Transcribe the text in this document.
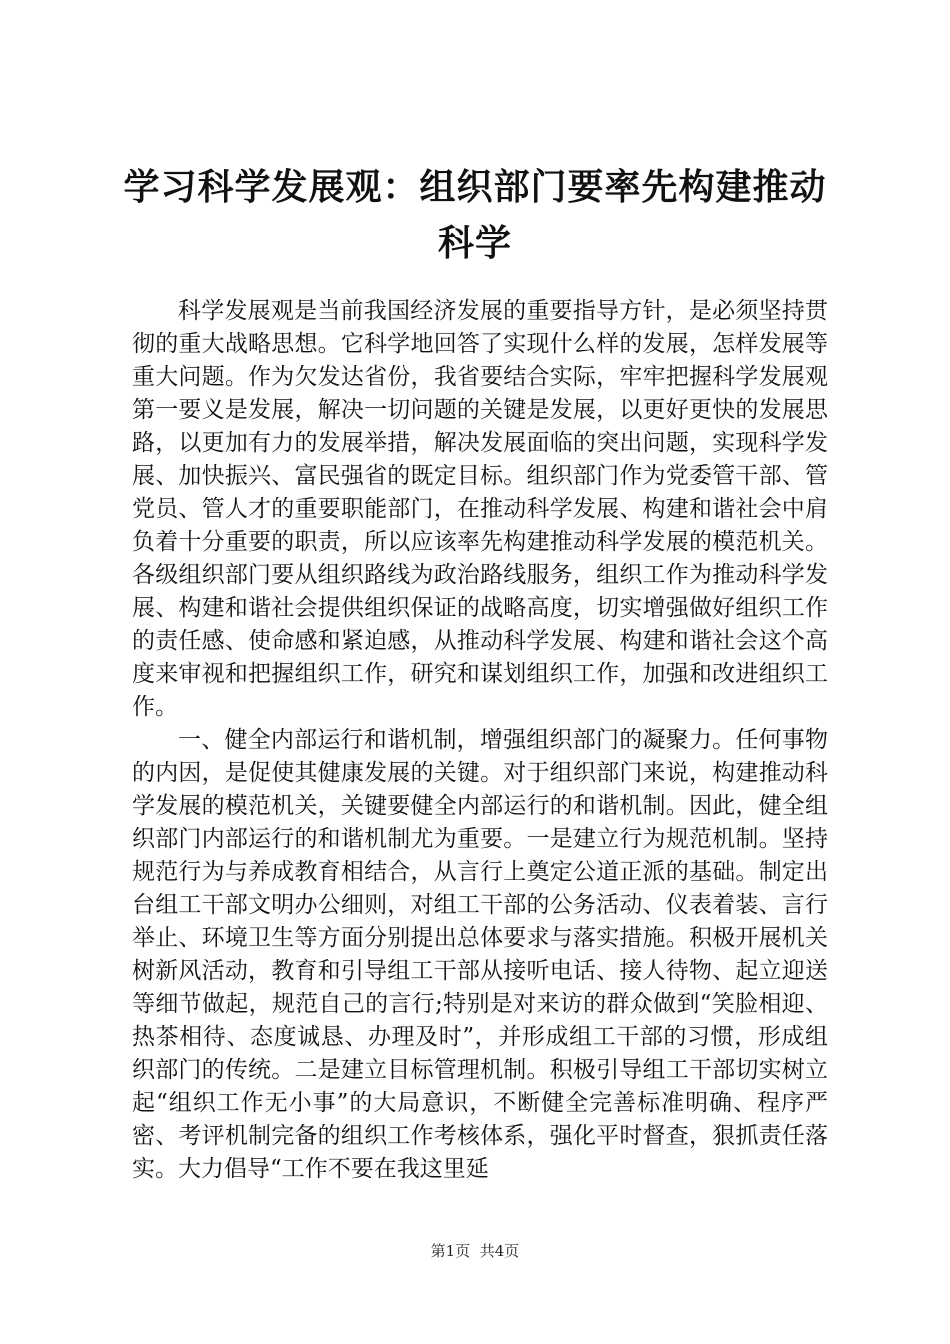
学习科学发展观：组织部门要率先构建推动科学

科学发展观是当前我国经济发展的重要指导方针，是必须坚持贯彻的重大战略思想。它科学地回答了实现什么样的发展，怎样发展等重大问题。作为欠发达省份，我省要结合实际，牢牢把握科学发展观第一要义是发展，解决一切问题的关键是发展，以更好更快的发展思路，以更加有力的发展举措，解决发展面临的突出问题，实现科学发展、加快振兴、富民强省的既定目标。组织部门作为党委管干部、管党员、管人才的重要职能部门，在推动科学发展、构建和谐社会中肩负着十分重要的职责，所以应该率先构建推动科学发展的模范机关。各级组织部门要从组织路线为政治路线服务，组织工作为推动科学发展、构建和谐社会提供组织保证的战略高度，切实增强做好组织工作的责任感、使命感和紧迫感，从推动科学发展、构建和谐社会这个高度来审视和把握组织工作，研究和谋划组织工作，加强和改进组织工作。

一、健全内部运行和谐机制，增强组织部门的凝聚力。任何事物的内因，是促使其健康发展的关键。对于组织部门来说，构建推动科学发展的模范机关，关键要健全内部运行的和谐机制。因此，健全组织部门内部运行的和谐机制尤为重要。一是建立行为规范机制。坚持规范行为与养成教育相结合，从言行上奠定公道正派的基础。制定出台组工干部文明办公细则，对组工干部的公务活动、仪表着装、言行举止、环境卫生等方面分别提出总体要求与落实措施。积极开展机关树新风活动，教育和引导组工干部从接听电话、接人待物、起立迎送等细节做起，规范自己的言行;特别是对来访的群众做到“笑脸相迎、热茶相待、态度诚恳、办理及时”，并形成组工干部的习惯，形成组织部门的传统。二是建立目标管理机制。积极引导组工干部切实树立起“组织工作无小事”的大局意识，不断健全完善标准明确、程序严密、考评机制完备的组织工作考核体系，强化平时督查，狠抓责任落实。大力倡导“工作不要在我这里延

第1页 共4页
